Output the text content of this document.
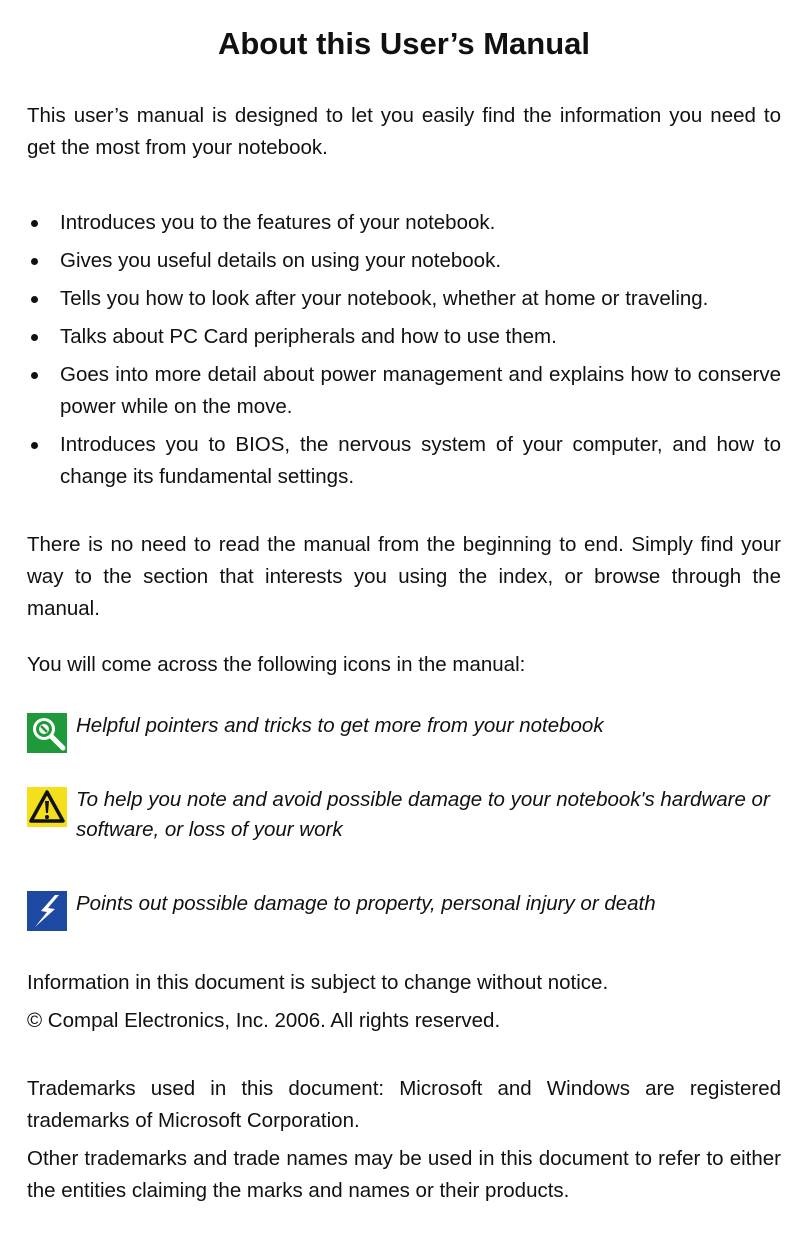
About this User’s Manual

This user’s manual is designed to let you easily find the information you need to get the most from your notebook.

Introduces you to the features of your notebook.
Gives you useful details on using your notebook.
Tells you how to look after your notebook, whether at home or traveling.
Talks about PC Card peripherals and how to use them.
Goes into more detail about power management and explains how to conserve power while on the move.
Introduces you to BIOS, the nervous system of your computer, and how to change its fundamental settings.

There is no need to read the manual from the beginning to end. Simply find your way to the section that interests you using the index, or browse through the manual.

You will come across the following icons in the manual:

Helpful pointers and tricks to get more from your notebook
To help you note and avoid possible damage to your notebook's hardware or software, or loss of your work
Points out possible damage to property, personal injury or death

Information in this document is subject to change without notice.

© Compal Electronics, Inc. 2006. All rights reserved.

Trademarks used in this document: Microsoft and Windows are registered trademarks of Microsoft Corporation.

Other trademarks and trade names may be used in this document to refer to either the entities claiming the marks and names or their products.
